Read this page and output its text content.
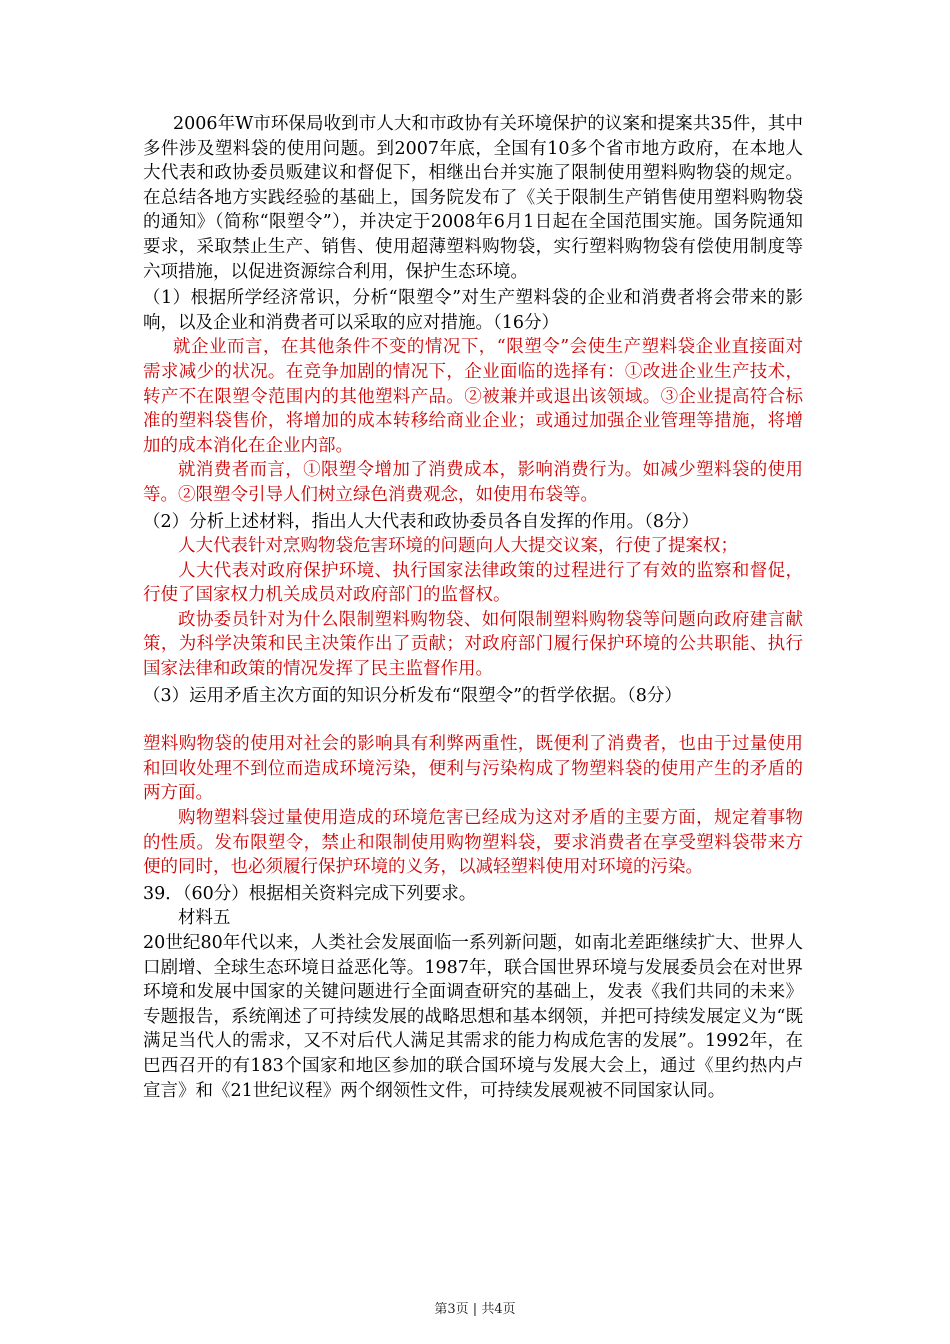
2006年W市环保局收到市人大和市政协有关环境保护的议案和提案共35件，其中多件涉及塑料袋的使用问题。到2007年底，全国有10多个省市地方政府，在本地人大代表和政协委员贩建议和督促下，相继出台并实施了限制使用塑料购物袋的规定。在总结各地方实践经验的基础上，国务院发布了《关于限制生产销售使用塑料购物袋的通知》（简称“限塑令”），并决定于2008年6月1日起在全国范围实施。国务院通知要求，采取禁止生产、销售、使用超薄塑料购物袋，实行塑料购物袋有偿使用制度等六项措施，以促进资源综合利用，保护生态环境。

（1）根据所学经济常识，分析“限塑令”对生产塑料袋的企业和消费者将会带来的影响，以及企业和消费者可以采取的应对措施。（16分）

就企业而言，在其他条件不变的情况下，“限塑令”会使生产塑料袋企业直接面对需求减少的状况。在竞争加剧的情况下，企业面临的选择有：①改进企业生产技术，转产不在限塑令范围内的其他塑料产品。②被兼并或退出该领域。③企业提高符合标准的塑料袋售价，将增加的成本转移给商业企业；或通过加强企业管理等措施，将增加的成本消化在企业内部。

就消费者而言，①限塑令增加了消费成本，影响消费行为。如减少塑料袋的使用等。②限塑令引导人们树立绿色消费观念，如使用布袋等。

（2）分析上述材料，指出人大代表和政协委员各自发挥的作用。（8分）

人大代表针对烹购物袋危害环境的问题向人大提交议案，行使了提案权；

人大代表对政府保护环境、执行国家法律政策的过程进行了有效的监察和督促，行使了国家权力机关成员对政府部门的监督权。

政协委员针对为什么限制塑料购物袋、如何限制塑料购物袋等问题向政府建言献策，为科学决策和民主决策作出了贡献；对政府部门履行保护环境的公共职能、执行国家法律和政策的情况发挥了民主监督作用。

（3）运用矛盾主次方面的知识分析发布“限塑令”的哲学依据。（8分）

塑料购物袋的使用对社会的影响具有利弊两重性，既便利了消费者，也由于过量使用和回收处理不到位而造成环境污染，便利与污染构成了物塑料袋的使用产生的矛盾的两方面。

购物塑料袋过量使用造成的环境危害已经成为这对矛盾的主要方面，规定着事物的性质。发布限塑令，禁止和限制使用购物塑料袋，要求消费者在享受塑料袋带来方便的同时，也必须履行保护环境的义务，以减轻塑料使用对环境的污染。

39．（60分）根据相关资料完成下列要求。

材料五

20世纪80年代以来，人类社会发展面临一系列新问题，如南北差距继续扩大、世界人口剧增、全球生态环境日益恶化等。1987年，联合国世界环境与发展委员会在对世界环境和发展中国家的关键问题进行全面调查研究的基础上，发表《我们共同的未来》专题报告，系统阐述了可持续发展的战略思想和基本纲领，并把可持续发展定义为“既满足当代人的需求，又不对后代人满足其需求的能力构成危害的发展”。1992年，在巴西召开的有183个国家和地区参加的联合国环境与发展大会上，通过《里约热内卢宣言》和《21世纪议程》两个纲领性文件，可持续发展观被不同国家认同。

第3页 | 共4页
